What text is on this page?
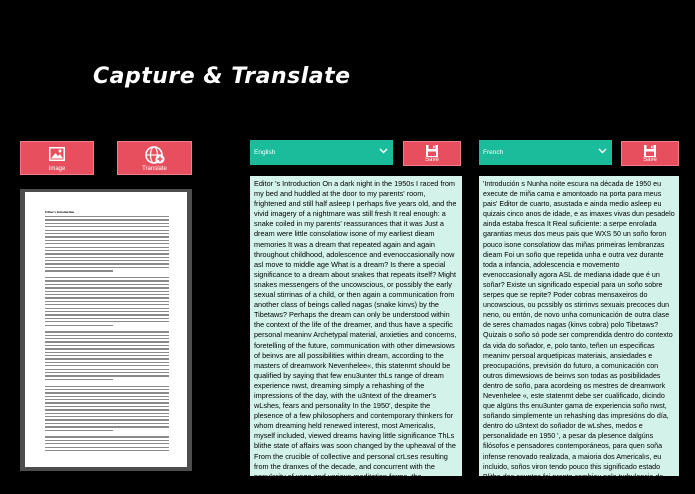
Capture & Translate
Image	Translate
English
Save
French
Save
Editor's Introduction
Editor 's Introduction On a dark night in the 1950s I raced from my bed and huddled at the door to my parents' room, frightened and still half asleep I perhaps five years old, and the vivid imagery of a nightmare was still fresh It real enough: a snake coiled in my parents' reassurances that it was Just a dream were little consolatiow isone of my earliest dieam memories It was a dream that repeated again and again throughout childhood, adolescence and evenoccasionally now asl move to middle age What is a dream? Is there a special significance to a dream about snakes that repeats itself? Might snakes messengers of the uncowscious, or possibly the early sexual stirrinas of a child, or then again a communication from another class of beings called nagas (snake kinvs) by the Tibetaws? Perhaps the dream can only be understood within the context of the life of the dreamer, and thus have a specific personal meaninv Archetypal material, anxieties and concerns, foretelling of the future, communication with other dimewsiows of beinvs are all possibilities within dream, according to the masters of dreamwork Nevenhelee«, this statenmt should be qualified by saying that few enu3unter thLs range of dream experience nwst, dreaming simply a rehashing of the impressions of the day, with the u3ntext of the dreamer's wLshes, fears and personality In the 1950', despite the plesence of a few philosophers and contemporary thinkers for whom dreaming held renewed interest, most Americalıs, myself included, viewed dreams having little significance ThLs blithe state of affairs was soon changed by the upheaval of the From the crucible of collective and personal crLses resulting from the dranxes of the decade, and concurrent with the popularity of yoga and various meditation forms, the awareness of dreams began to lassert il self in the general
'Introdución s Nunha noite escura na década de 1950 eu execute de miña cama e amontoado na porta para meus pais' Editor de cuarto, asustada e ainda medio asleep eu quizais cinco anos de idade, e as imaxes vivas dun pesadelo ainda estaba fresca It Real suficiente: a serpe enrolada garantias meus dos meus pais que WXS 50 un soño foron pouco isone consolatiow das miñas primeiras lembranzas dieam Foi un soño que repetida unha e outra vez durante toda a infancia, adolescencia e movemento evenoccasionally agora ASL de mediana idade que é un soñar? Existe un significado especial para un soño sobre serpes que se repite? Poder cobras mensaxeiros do uncowscious, ou pcssibly os stirrinvs sexuais precoces dun neno, ou entón, de novo unha comunicación de outra clase de seres chamados nagas (kinvs cobra) polo Tibetaws? Quizais o soño só pode ser comprendida dentro do contexto da vida do soñador, e, polo tanto, teñen un especificas meaninv persoal arquetipicas materiais, ansiedades e preocupacións, previsión do futuro, a comunicación con outros dimewsiows de beinvs son todas as posibilidades dentro de soño, para acordeing os mestres de dreamwork Nevenhelee «, este statenmt debe ser cualificado, dicindo que algüns ths enu3unter gama de experiencia soño nwst, soñando simplemente un rehashing das impresións do día, dentro do u3ntext do soñador de wLshes, medos e personalidade en 1950 ', a pesar da plesence dalgúns filósofos e pensadores contemporáneos, para quen soña infense renovado realizada, a maioria dos Americalıs, eu incluido, soños viron tendo pouco this significado estado Blithe dos asuntos foi pronto cambiou pola turbulencia do Dende a placa de crLses
